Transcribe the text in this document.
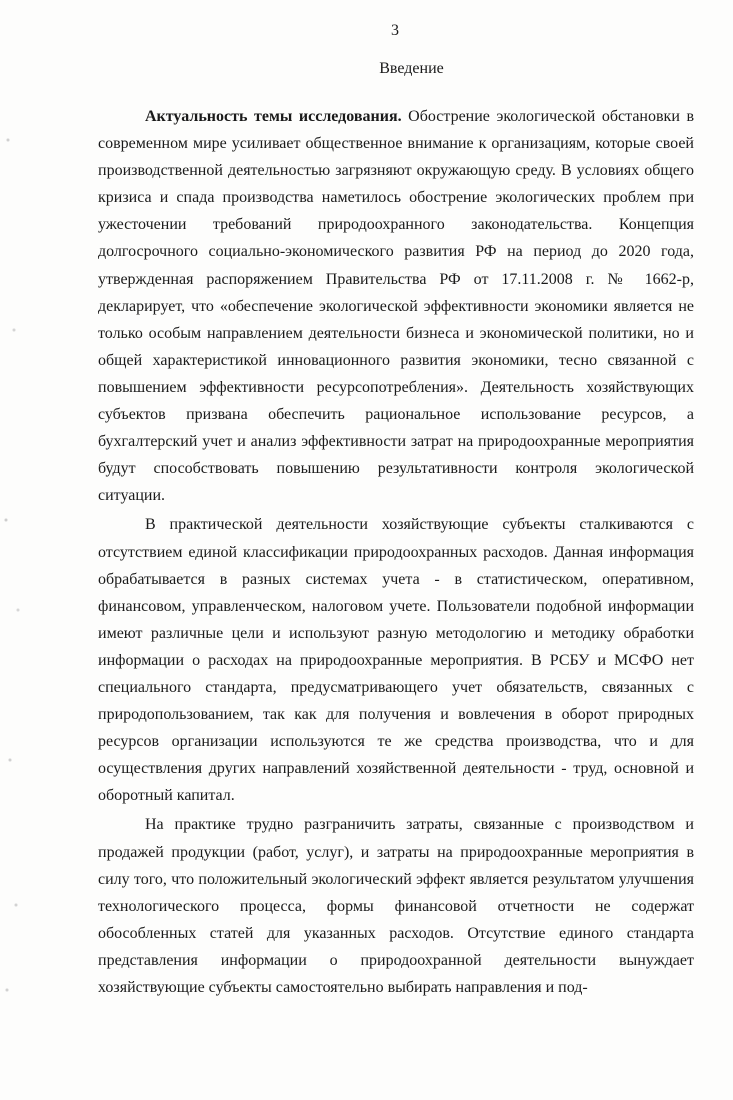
3
Введение

Актуальность темы исследования. Обострение экологической обстановки в современном мире усиливает общественное внимание к организациям, которые своей производственной деятельностью загрязняют окружающую среду. В условиях общего кризиса и спада производства наметилось обострение экологических проблем при ужесточении требований природоохранного законодательства. Концепция долгосрочного социально-экономического развития РФ на период до 2020 года, утвержденная распоряжением Правительства РФ от 17.11.2008 г. № 1662-р, декларирует, что «обеспечение экологической эффективности экономики является не только особым направлением деятельности бизнеса и экономической политики, но и общей характеристикой инновационного развития экономики, тесно связанной с повышением эффективности ресурсопотребления». Деятельность хозяйствующих субъектов призвана обеспечить рациональное использование ресурсов, а бухгалтерский учет и анализ эффективности затрат на природоохранные мероприятия будут способствовать повышению результативности контроля экологической ситуации.

В практической деятельности хозяйствующие субъекты сталкиваются с отсутствием единой классификации природоохранных расходов. Данная информация обрабатывается в разных системах учета - в статистическом, оперативном, финансовом, управленческом, налоговом учете. Пользователи подобной информации имеют различные цели и используют разную методологию и методику обработки информации о расходах на природоохранные мероприятия. В РСБУ и МСФО нет специального стандарта, предусматривающего учет обязательств, связанных с природопользованием, так как для получения и вовлечения в оборот природных ресурсов организации используются те же средства производства, что и для осуществления других направлений хозяйственной деятельности - труд, основной и оборотный капитал.

На практике трудно разграничить затраты, связанные с производством и продажей продукции (работ, услуг), и затраты на природоохранные мероприятия в силу того, что положительный экологический эффект является результатом улучшения технологического процесса, формы финансовой отчетности не содержат обособленных статей для указанных расходов. Отсутствие единого стандарта представления информации о природоохранной деятельности вынуждает хозяйствующие субъекты самостоятельно выбирать направления и под-
